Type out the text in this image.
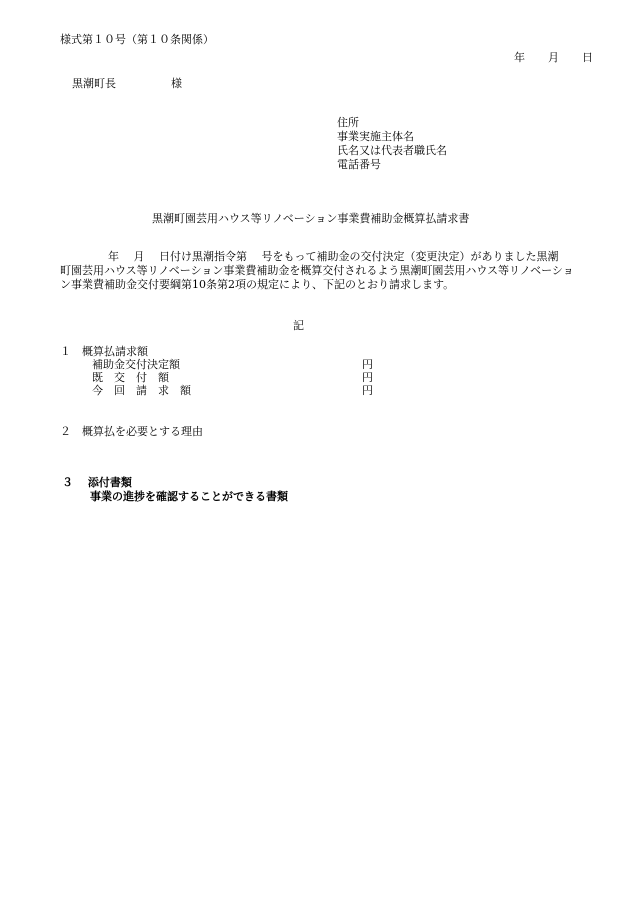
様式第１０号（第１０条関係）
年　月　日
黒潮町長　　　　　様
住所
事業実施主体名
氏名又は代表者職氏名
電話番号
黒潮町園芸用ハウス等リノベーション事業費補助金概算払請求書
年　 月　 日付け黒潮指令第　 号をもって補助金の交付決定（変更決定）がありました黒潮
町園芸用ハウス等リノベーション事業費補助金を概算交付されるよう黒潮町園芸用ハウス等リノベーショ
ン事業費補助金交付要綱第10条第2項の規定により、下記のとおり請求します。
記
１　概算払請求額
補助金交付決定額	円
既　交　付　額	円
今　回　請　求　額	円
２　概算払を必要とする理由
３　 添付書類
事業の進捗を確認することができる書類
